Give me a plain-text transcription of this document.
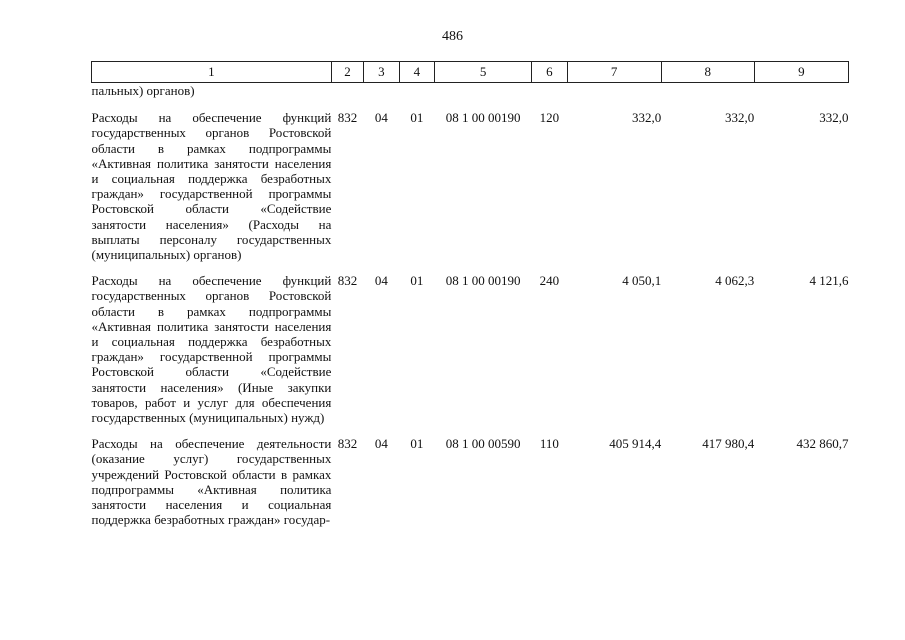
486
1	2	3	4	5	6	7	8	9
пальных) органов)								
Расходы на обеспечение функций государственных органов Ростовской области в рамках подпрограммы «Активная политика занятости населения и социальная поддержка безработных граждан» государственной программы Ростовской области «Содействие занятости населения» (Расходы на выплаты персоналу государственных (муниципальных) органов)	832	04	01	08 1 00 00190	120	332,0	332,0	332,0
Расходы на обеспечение функций государственных органов Ростовской области в рамках подпрограммы «Активная политика занятости населения и социальная поддержка безработных граждан» государственной программы Ростовской области «Содействие занятости населения» (Иные закупки товаров, работ и услуг для обеспечения государственных (муниципальных) нужд)	832	04	01	08 1 00 00190	240	4 050,1	4 062,3	4 121,6
Расходы на обеспечение деятельности (оказание услуг) государственных учреждений Ростовской области в рамках подпрограммы «Активная политика занятости населения и социальная поддержка безработных граждан» государ-	832	04	01	08 1 00 00590	110	405 914,4	417 980,4	432 860,7
